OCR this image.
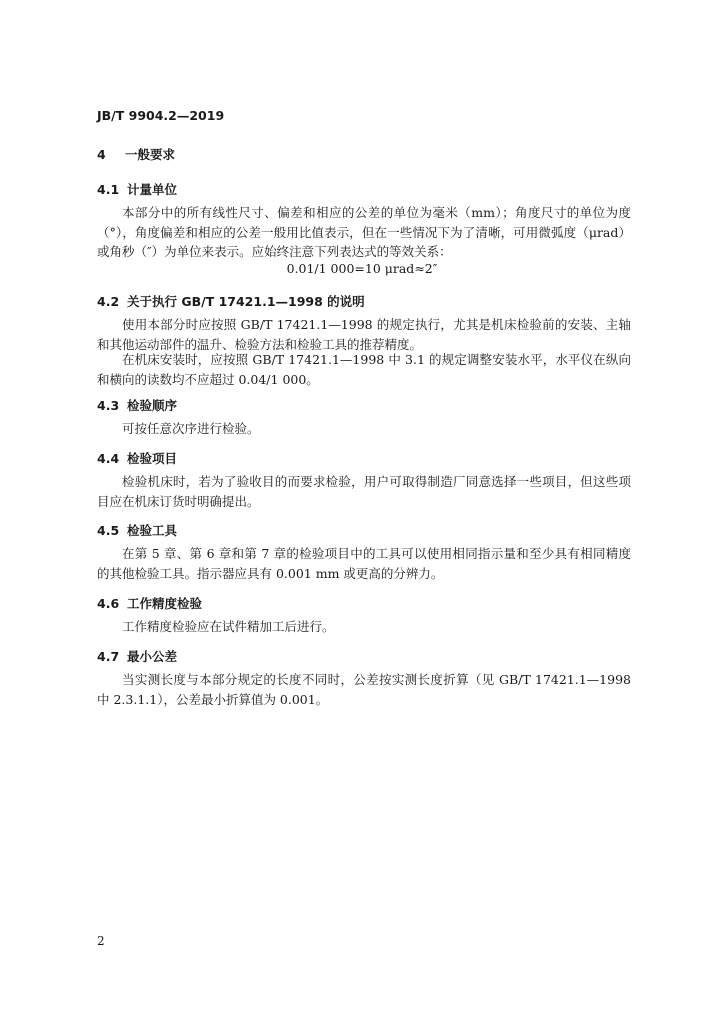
JB/T 9904.2—2019
4 一般要求
4.1 计量单位
本部分中的所有线性尺寸、偏差和相应的公差的单位为毫米（mm）；角度尺寸的单位为度（°），角度偏差和相应的公差一般用比值表示，但在一些情况下为了清晰，可用微弧度（μrad）或角秒（″）为单位来表示。应始终注意下列表达式的等效关系：
0.01/1 000=10 μrad≈2″
4.2 关于执行 GB/T 17421.1—1998 的说明
使用本部分时应按照 GB/T 17421.1—1998 的规定执行，尤其是机床检验前的安装、主轴和其他运动部件的温升、检验方法和检验工具的推荐精度。
在机床安装时，应按照 GB/T 17421.1—1998 中 3.1 的规定调整安装水平，水平仪在纵向和横向的读数均不应超过 0.04/1 000。
4.3 检验顺序
可按任意次序进行检验。
4.4 检验项目
检验机床时，若为了验收目的而要求检验，用户可取得制造厂同意选择一些项目，但这些项目应在机床订货时明确提出。
4.5 检验工具
在第 5 章、第 6 章和第 7 章的检验项目中的工具可以使用相同指示量和至少具有相同精度的其他检验工具。指示器应具有 0.001 mm 或更高的分辨力。
4.6 工作精度检验
工作精度检验应在试件精加工后进行。
4.7 最小公差
当实测长度与本部分规定的长度不同时，公差按实测长度折算（见 GB/T 17421.1—1998 中 2.3.1.1），公差最小折算值为 0.001。
2
